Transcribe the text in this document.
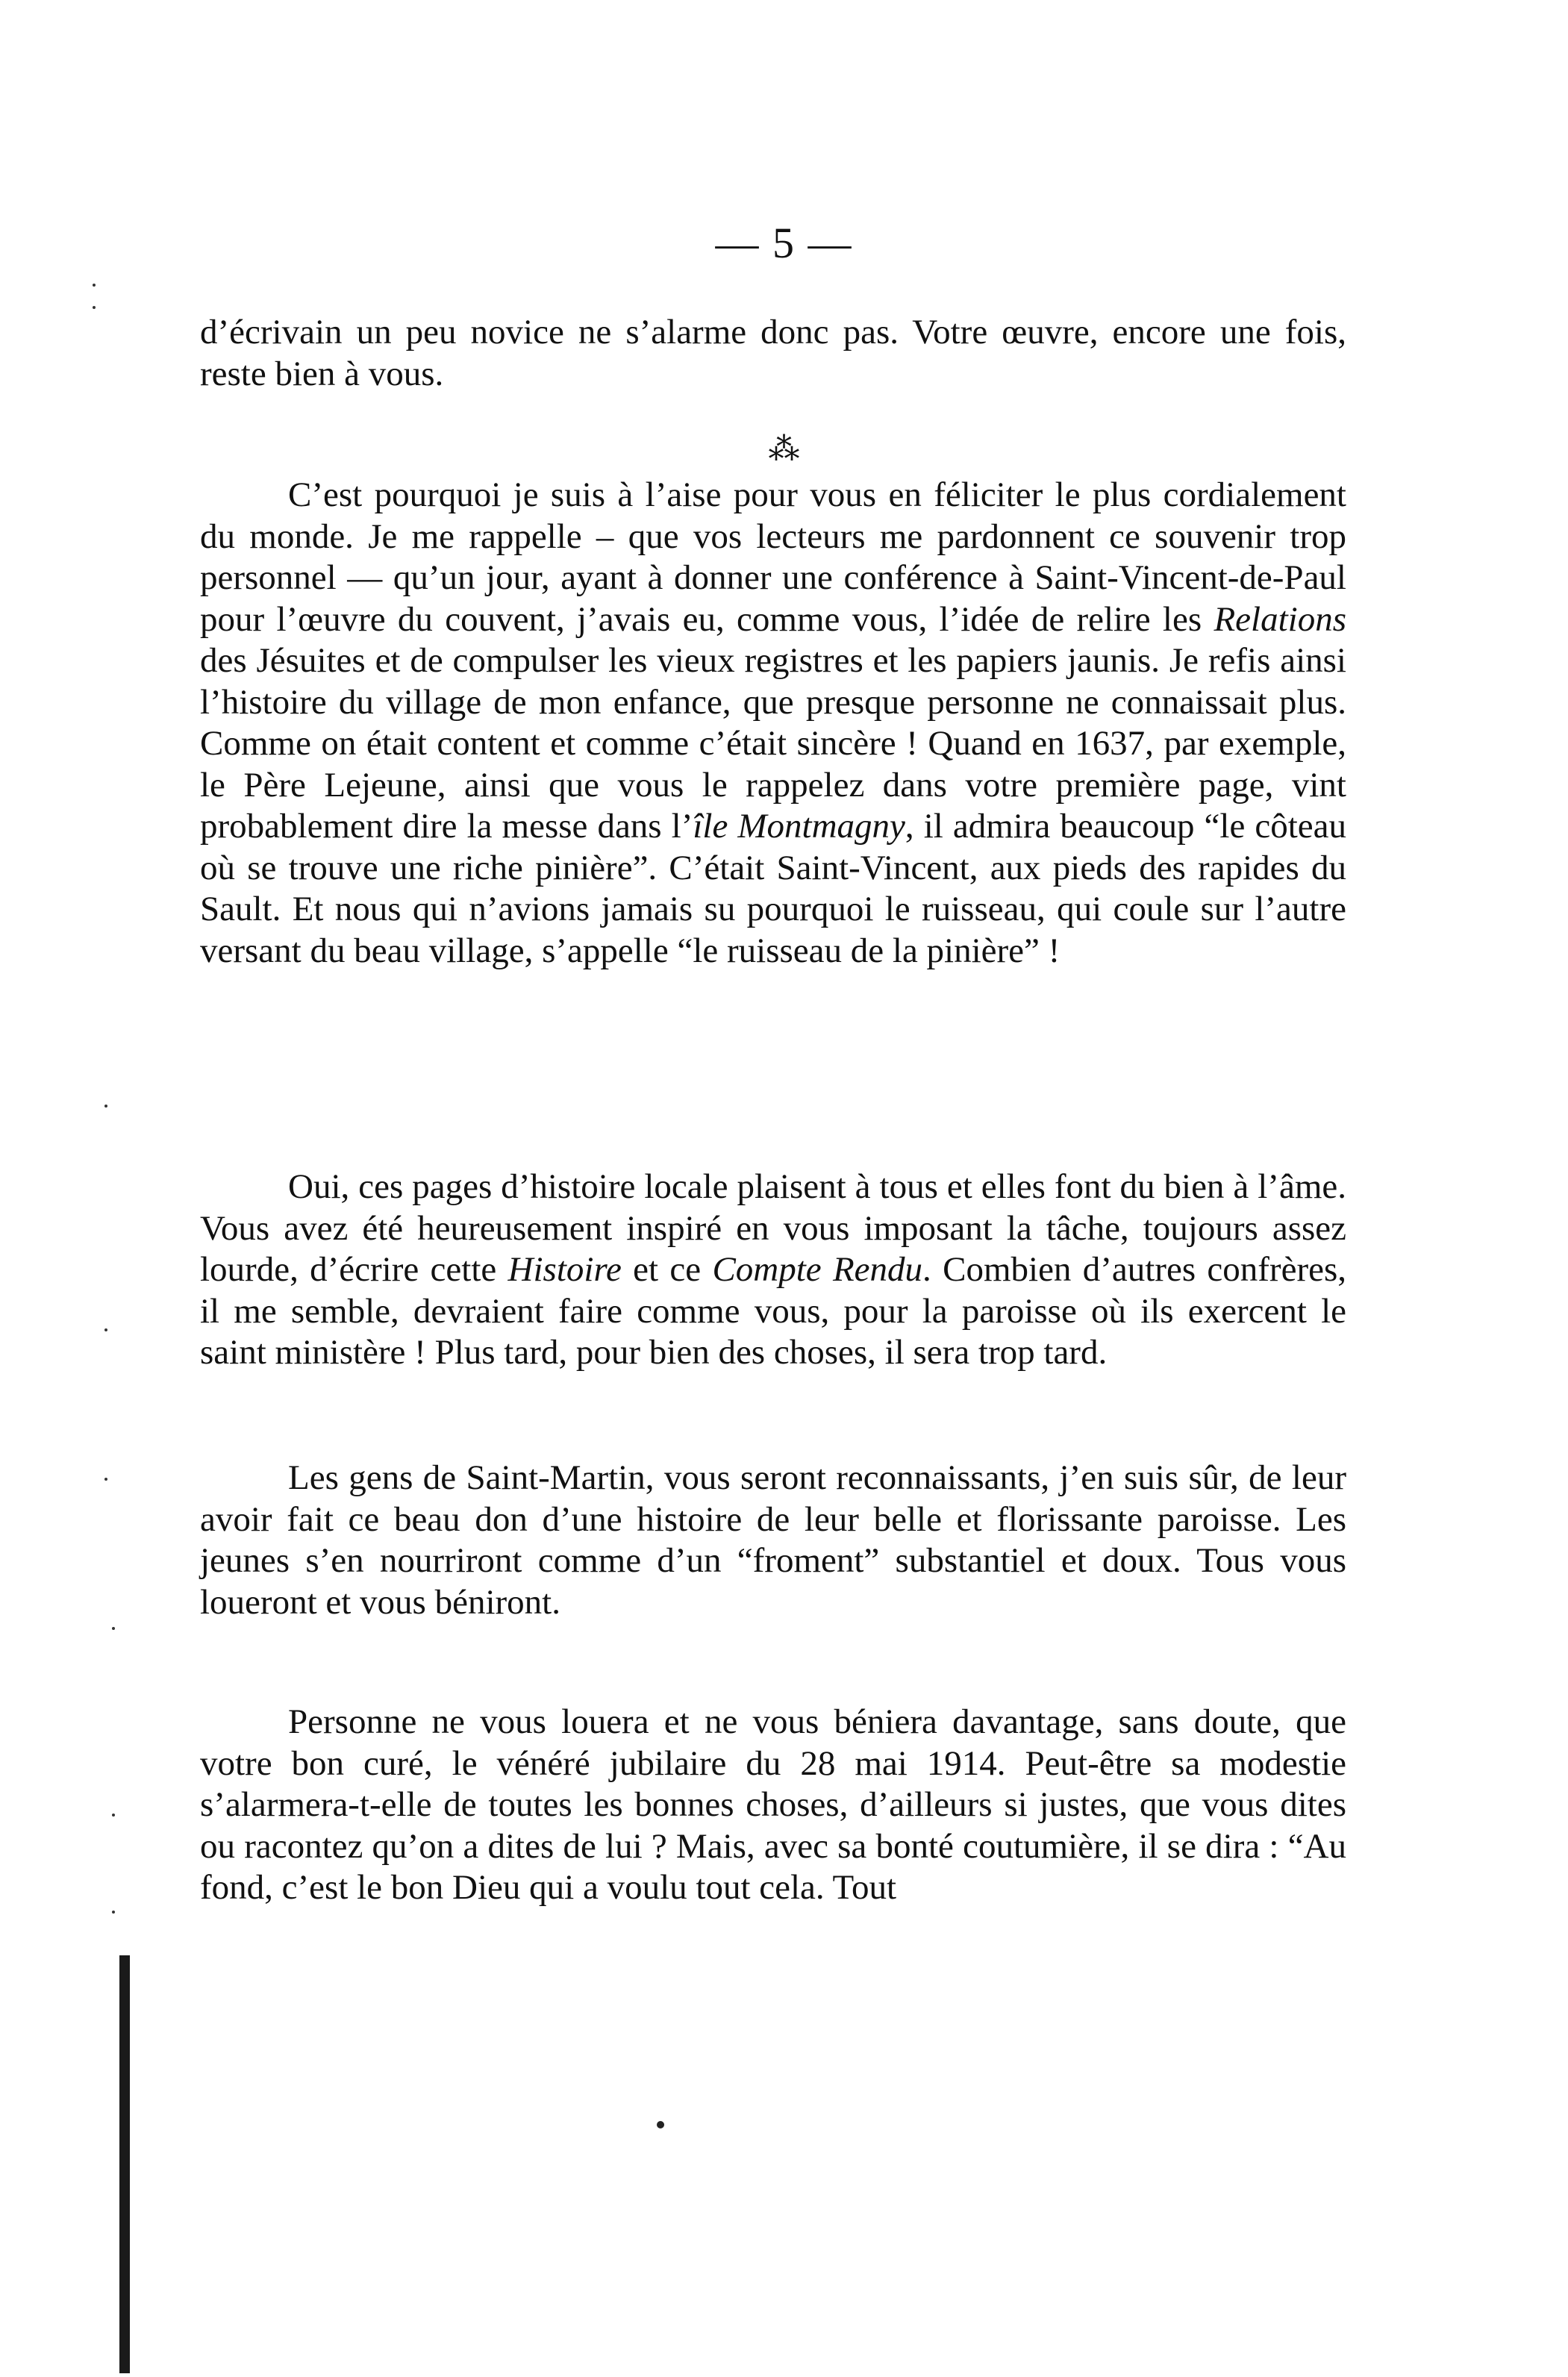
— 5 —

d’écrivain un peu novice ne s’alarme donc pas. Votre œuvre, encore une fois, reste bien à vous.

⁂

C’est pourquoi je suis à l’aise pour vous en féliciter le plus cordialement du monde. Je me rappelle – que vos lecteurs me pardonnent ce souvenir trop personnel — qu’un jour, ayant à donner une conférence à Saint-Vincent-de-Paul pour l’œuvre du couvent, j’avais eu, comme vous, l’idée de relire les Relations des Jésuites et de compulser les vieux registres et les papiers jaunis. Je refis ainsi l’histoire du village de mon enfance, que presque personne ne connaissait plus. Comme on était content et comme c’était sincère ! Quand en 1637, par exemple, le Père Lejeune, ainsi que vous le rappelez dans votre première page, vint probablement dire la messe dans l’île Montmagny, il admira beaucoup “le côteau où se trouve une riche pinière”. C’était Saint-Vincent, aux pieds des rapides du Sault. Et nous qui n’avions jamais su pourquoi le ruisseau, qui coule sur l’autre versant du beau village, s’appelle “le ruisseau de la pinière” !

Oui, ces pages d’histoire locale plaisent à tous et elles font du bien à l’âme. Vous avez été heureusement inspiré en vous imposant la tâche, toujours assez lourde, d’écrire cette Histoire et ce Compte Rendu. Combien d’autres confrères, il me semble, devraient faire comme vous, pour la paroisse où ils exercent le saint ministère ! Plus tard, pour bien des choses, il sera trop tard.

Les gens de Saint-Martin, vous seront reconnaissants, j’en suis sûr, de leur avoir fait ce beau don d’une histoire de leur belle et florissante paroisse. Les jeunes s’en nourriront comme d’un “froment” substantiel et doux. Tous vous loueront et vous béniront.

Personne ne vous louera et ne vous béniera davantage, sans doute, que votre bon curé, le vénéré jubilaire du 28 mai 1914. Peut-être sa modestie s’alarmera-t-elle de toutes les bonnes choses, d’ailleurs si justes, que vous dites ou racontez qu’on a dites de lui ? Mais, avec sa bonté coutumière, il se dira : “Au fond, c’est le bon Dieu qui a voulu tout cela. Tout
